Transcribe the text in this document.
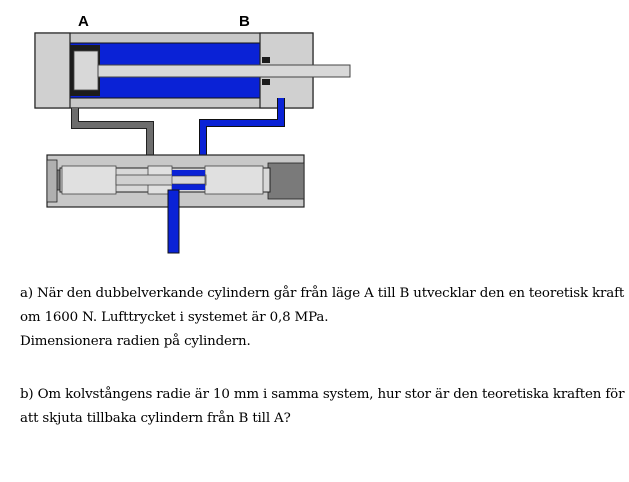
A	B

a) När den dubbelverkande cylindern går från läge A till B utvecklar den en teoretisk kraft

om 1600 N. Lufttrycket i systemet är 0,8 MPa.

Dimensionera radien på cylindern.

b) Om kolvstångens radie är 10 mm i samma system, hur stor är den teoretiska kraften för

att skjuta tillbaka cylindern från B till A?
